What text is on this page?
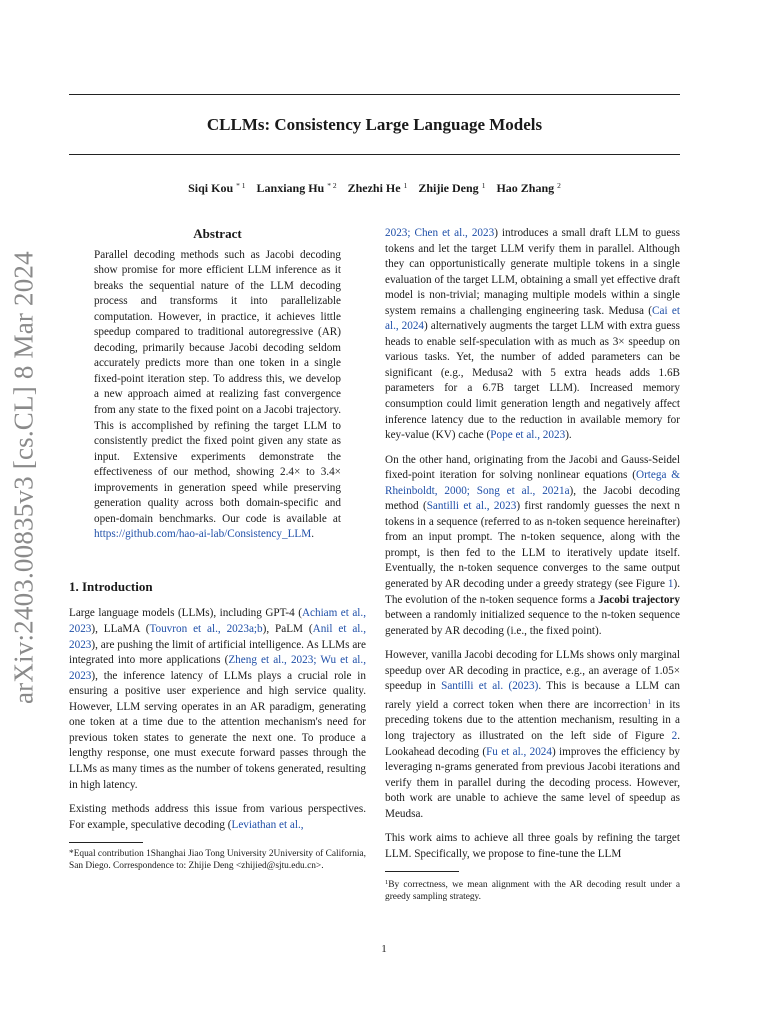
CLLMs: Consistency Large Language Models
Siqi Kou $^{* 1}$ Lanxiang Hu $^{* 2}$ Zhezhi He $^1$ Zhijie Deng $^1$ Hao Zhang $^2$
arXiv:2403.00835v3 [cs.CL] 8 Mar 2024
Abstract
Parallel decoding methods such as Jacobi decoding show promise for more efficient LLM inference as it breaks the sequential nature of the LLM decoding process and transforms it into parallelizable computation. However, in practice, it achieves little speedup compared to traditional autoregressive (AR) decoding, primarily because Jacobi decoding seldom accurately predicts more than one token in a single fixed-point iteration step. To address this, we develop a new approach aimed at realizing fast convergence from any state to the fixed point on a Jacobi trajectory. This is accomplished by refining the target LLM to consistently predict the fixed point given any state as input. Extensive experiments demonstrate the effectiveness of our method, showing 2.4× to 3.4× improvements in generation speed while preserving generation quality across both domain-specific and open-domain benchmarks. Our code is available at https://github.com/hao-ai-lab/Consistency_LLM.
1. Introduction

Large language models (LLMs), including GPT-4 (Achiam et al., 2023), LLaMA (Touvron et al., 2023a;b), PaLM (Anil et al., 2023), are pushing the limit of artificial intelligence. As LLMs are integrated into more applications (Zheng et al., 2023; Wu et al., 2023), the inference latency of LLMs plays a crucial role in ensuring a positive user experience and high service quality. However, LLM serving operates in an AR paradigm, generating one token at a time due to the attention mechanism's need for previous token states to generate the next one. To produce a lengthy response, one must execute forward passes through the LLMs as many times as the number of tokens generated, resulting in high latency.

Existing methods address this issue from various perspectives. For example, speculative decoding (Leviathan et al.,

*Equal contribution 1Shanghai Jiao Tong University 2University of California, San Diego. Correspondence to: Zhijie Deng <zhijied@sjtu.edu.cn>.

2023; Chen et al., 2023) introduces a small draft LLM to guess tokens and let the target LLM verify them in parallel. Although they can opportunistically generate multiple tokens in a single evaluation of the target LLM, obtaining a small yet effective draft model is non-trivial; managing multiple models within a single system remains a challenging engineering task. Medusa (Cai et al., 2024) alternatively augments the target LLM with extra guess heads to enable self-speculation with as much as 3× speedup on various tasks. Yet, the number of added parameters can be significant (e.g., Medusa2 with 5 extra heads adds 1.6B parameters for a 6.7B target LLM). Increased memory consumption could limit generation length and negatively affect inference latency due to the reduction in available memory for key-value (KV) cache (Pope et al., 2023).

On the other hand, originating from the Jacobi and Gauss-Seidel fixed-point iteration for solving nonlinear equations (Ortega & Rheinboldt, 2000; Song et al., 2021a), the Jacobi decoding method (Santilli et al., 2023) first randomly guesses the next n tokens in a sequence (referred to as n-token sequence hereinafter) from an input prompt. The n-token sequence, along with the prompt, is then fed to the LLM to iteratively update itself. Eventually, the n-token sequence converges to the same output generated by AR decoding under a greedy strategy (see Figure 1). The evolution of the n-token sequence forms a Jacobi trajectory between a randomly initialized sequence to the n-token sequence generated by AR decoding (i.e., the fixed point).

However, vanilla Jacobi decoding for LLMs shows only marginal speedup over AR decoding in practice, e.g., an average of 1.05× speedup in Santilli et al. (2023). This is because a LLM can rarely yield a correct token when there are incorrection$^1$ in its preceding tokens due to the attention mechanism, resulting in a long trajectory as illustrated on the left side of Figure 2. Lookahead decoding (Fu et al., 2024) improves the efficiency by leveraging n-grams generated from previous Jacobi iterations and verify them in parallel during the decoding process. However, both work are unable to achieve the same level of speedup as Meudsa.

This work aims to achieve all three goals by refining the target LLM. Specifically, we propose to fine-tune the LLM

$^1$By correctness, we mean alignment with the AR decoding result under a greedy sampling strategy.

1
